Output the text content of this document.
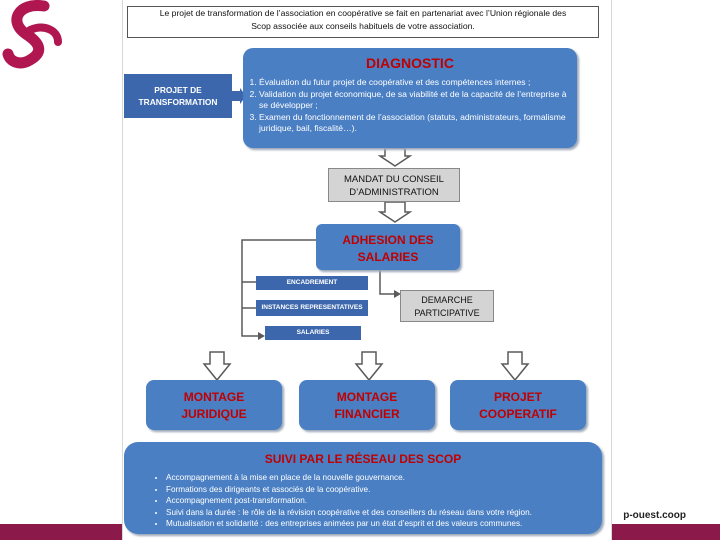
p-ouest.coop
Le projet de transformation de l’association en coopérative se fait en partenariat avec l’Union régionale des
Scop associée aux conseils habituels de votre association.
PROJET DE
TRANSFORMATION
DIAGNOSTIC
1. Évaluation du futur projet de coopérative et des compétences internes ;
2. Validation du projet économique, de sa viabilité et de la capacité de l’entreprise à se développer ;
3. Examen du fonctionnement de l’association (statuts, administrateurs, formalisme juridique, bail, fiscalité…).
MANDAT DU CONSEIL
D’ADMINISTRATION
ADHESION DES
SALARIES
ENCADREMENT
INSTANCES REPRESENTATIVES
SALARIES
DEMARCHE
PARTICIPATIVE
MONTAGE
JURIDIQUE
MONTAGE
FINANCIER
PROJET
COOPERATIF
SUIVI PAR LE RÉSEAU DES SCOP
• Accompagnement à la mise en place de la nouvelle gouvernance.
• Formations des dirigeants et associés de la coopérative.
• Accompagnement post-transformation.
• Suivi dans la durée : le rôle de la révision coopérative et des conseillers du réseau dans votre région.
• Mutualisation et solidarité : des entreprises animées par un état d’esprit et des valeurs communes.
